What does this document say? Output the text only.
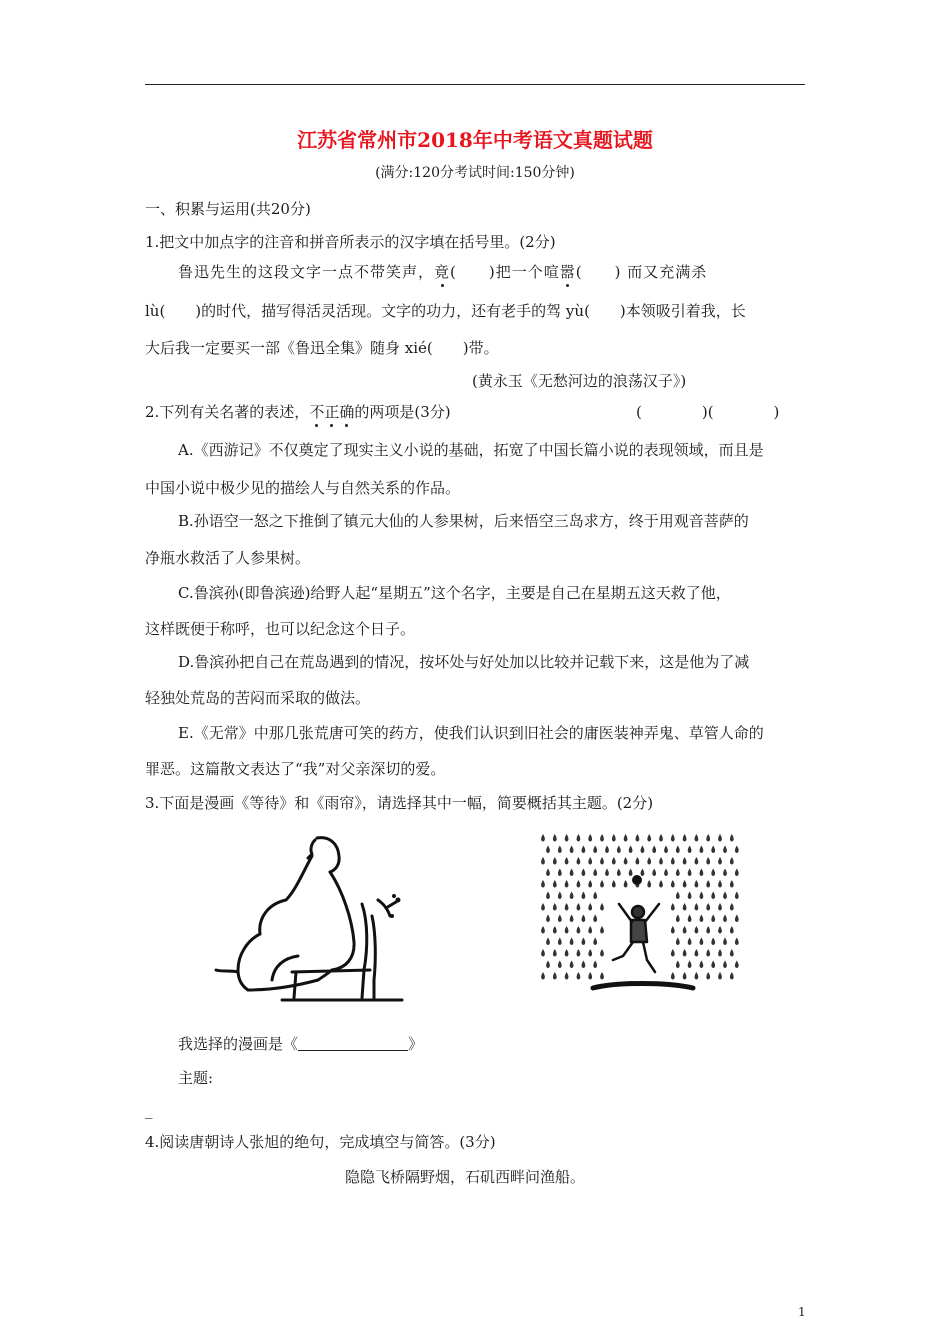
江苏省常州市2018年中考语文真题试题
(满分:120分考试时间:150分钟)
一、积累与运用(共20分)
1.把文中加点字的注音和拼音所表示的汉字填在括号里。(2分)
鲁迅先生的这段文字一点不带笑声，竟(　　)把一个喧嚣(　　) 而又充满杀
lù(　　)的时代，描写得活灵活现。文字的功力，还有老手的驾 yù(　　)本领吸引着我，长
大后我一定要买一部《鲁迅全集》随身 xié(　　)带。
(黄永玉《无愁河边的浪荡汉子》)
2.下列有关名著的表述，不正确的两项是(3分)	(　　　　)(　　　　)
A.《西游记》不仅奠定了现实主义小说的基础，拓宽了中国长篇小说的表现领域，而且是
中国小说中极少见的描绘人与自然关系的作品。
B.孙语空一怒之下推倒了镇元大仙的人参果树，后来悟空三岛求方，终于用观音菩萨的
净瓶水救活了人参果树。
C.鲁滨孙(即鲁滨逊)给野人起“星期五”这个名字，主要是自己在星期五这天救了他，
这样既便于称呼，也可以纪念这个日子。
D.鲁滨孙把自己在荒岛遇到的情况，按坏处与好处加以比较并记载下来，这是他为了减
轻独处荒岛的苦闷而采取的做法。
E.《无常》中那几张荒唐可笑的药方，使我们认识到旧社会的庸医装神弄鬼、草管人命的
罪恶。这篇散文表达了“我”对父亲深切的爱。
3.下面是漫画《等待》和《雨帘》，请选择其中一幅，简要概括其主题。(2分)
我选择的漫画是《	》
主题:
_
4.阅读唐朝诗人张旭的绝句，完成填空与简答。(3分)
隐隐飞桥隔野烟，石矶西畔问渔船。
1
